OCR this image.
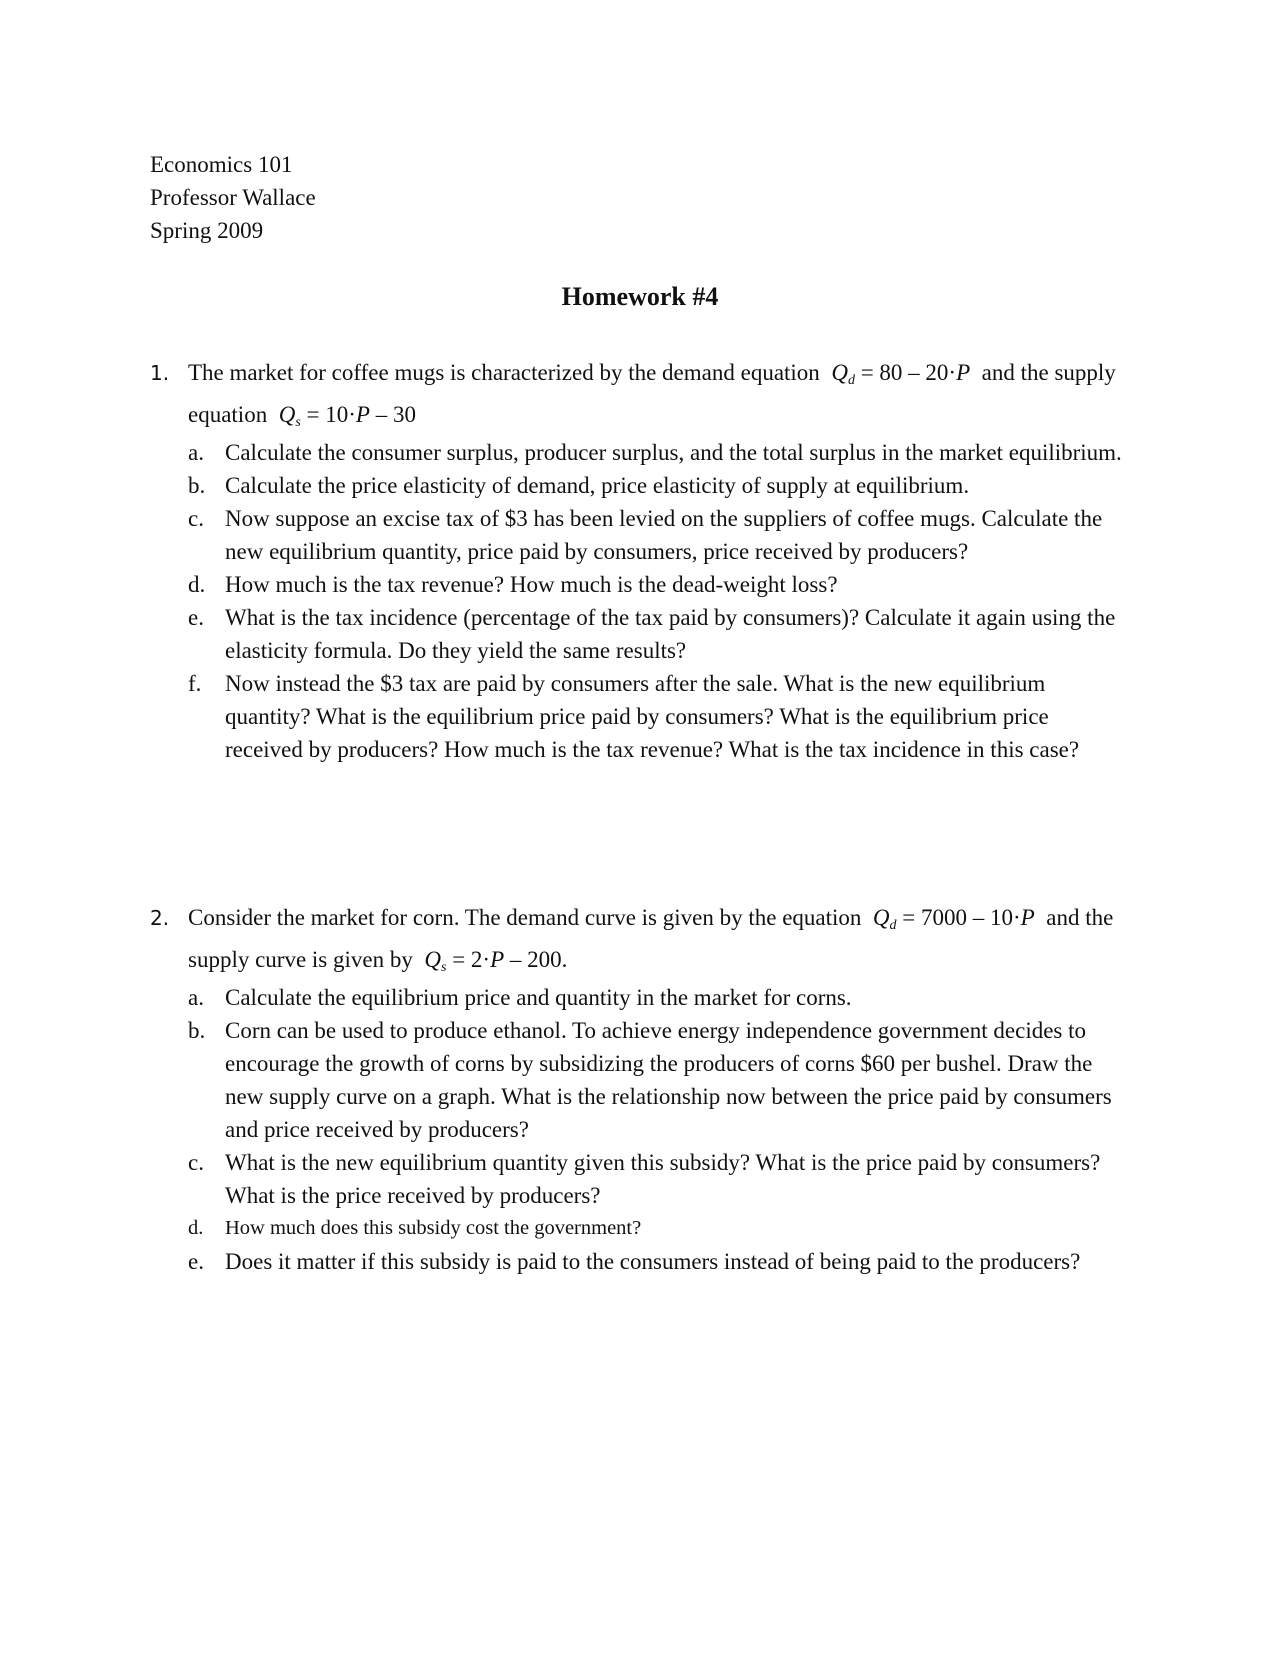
Economics 101
Professor Wallace
Spring 2009
Homework #4
1. The market for coffee mugs is characterized by the demand equation $Q_d = 80 - 20\cdot P$ and the supply equation $Q_s = 10\cdot P - 30$
a. Calculate the consumer surplus, producer surplus, and the total surplus in the market equilibrium.
b. Calculate the price elasticity of demand, price elasticity of supply at equilibrium.
c. Now suppose an excise tax of $3 has been levied on the suppliers of coffee mugs. Calculate the new equilibrium quantity, price paid by consumers, price received by producers?
d. How much is the tax revenue? How much is the dead-weight loss?
e. What is the tax incidence (percentage of the tax paid by consumers)? Calculate it again using the elasticity formula. Do they yield the same results?
f. Now instead the $3 tax are paid by consumers after the sale. What is the new equilibrium quantity? What is the equilibrium price paid by consumers? What is the equilibrium price received by producers? How much is the tax revenue? What is the tax incidence in this case?
2. Consider the market for corn. The demand curve is given by the equation $Q_d = 7000 - 10\cdot P$ and the supply curve is given by $Q_s = 2\cdot P - 200$.
a. Calculate the equilibrium price and quantity in the market for corns.
b. Corn can be used to produce ethanol. To achieve energy independence government decides to encourage the growth of corns by subsidizing the producers of corns $60 per bushel. Draw the new supply curve on a graph. What is the relationship now between the price paid by consumers and price received by producers?
c. What is the new equilibrium quantity given this subsidy? What is the price paid by consumers? What is the price received by producers?
d. How much does this subsidy cost the government?
e. Does it matter if this subsidy is paid to the consumers instead of being paid to the producers?
